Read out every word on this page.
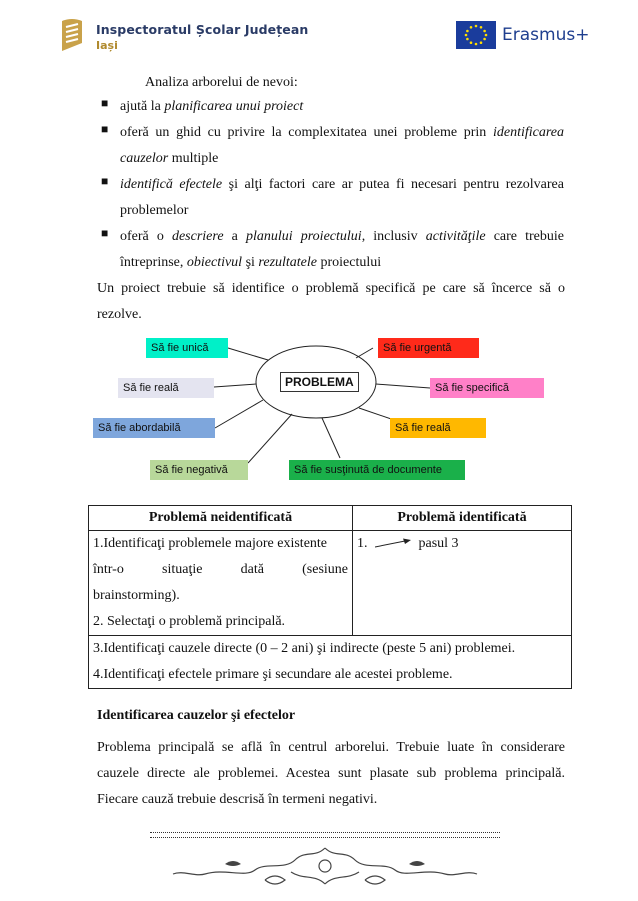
Inspectoratul Școlar Județean
Iași
Erasmus+
Analiza arborelui de nevoi:
■ ajută la planificarea unui proiect
■ oferă un ghid cu privire la complexitatea unei probleme prin identificarea
cauzelor multiple
■ identifică efectele şi alţi factori care ar putea fi necesari pentru rezolvarea
problemelor
■ oferă o descriere a planului proiectului, inclusiv activităţile care trebuie
întreprinse, obiectivul şi rezultatele proiectului
Un proiect trebuie să identifice o problemă specifică pe care să încerce să o
rezolve.
PROBLEMA
Să fie unică	Să fie urgentă
Să fie reală	Să fie specifică
Să fie abordabilă	Să fie reală
Să fie negativă	Să fie susţinută de documente
Problemă neidentificată	Problemă identificată

1.Identificaţi problemele majore existente
într-o situaţie dată (sesiune
brainstorming).
2. Selectaţi o problemă principală.	1. pasul 3

3.Identificaţi cauzele directe (0 – 2 ani) şi indirecte (peste 5 ani) problemei.
4.Identificaţi efectele primare şi secundare ale acestei probleme.	
Identificarea cauzelor şi efectelor
Problema principală se află în centrul arborelui. Trebuie luate în considerare
cauzele directe ale problemei. Acestea sunt plasate sub problema principală.
Fiecare cauză trebuie descrisă în termeni negativi.
